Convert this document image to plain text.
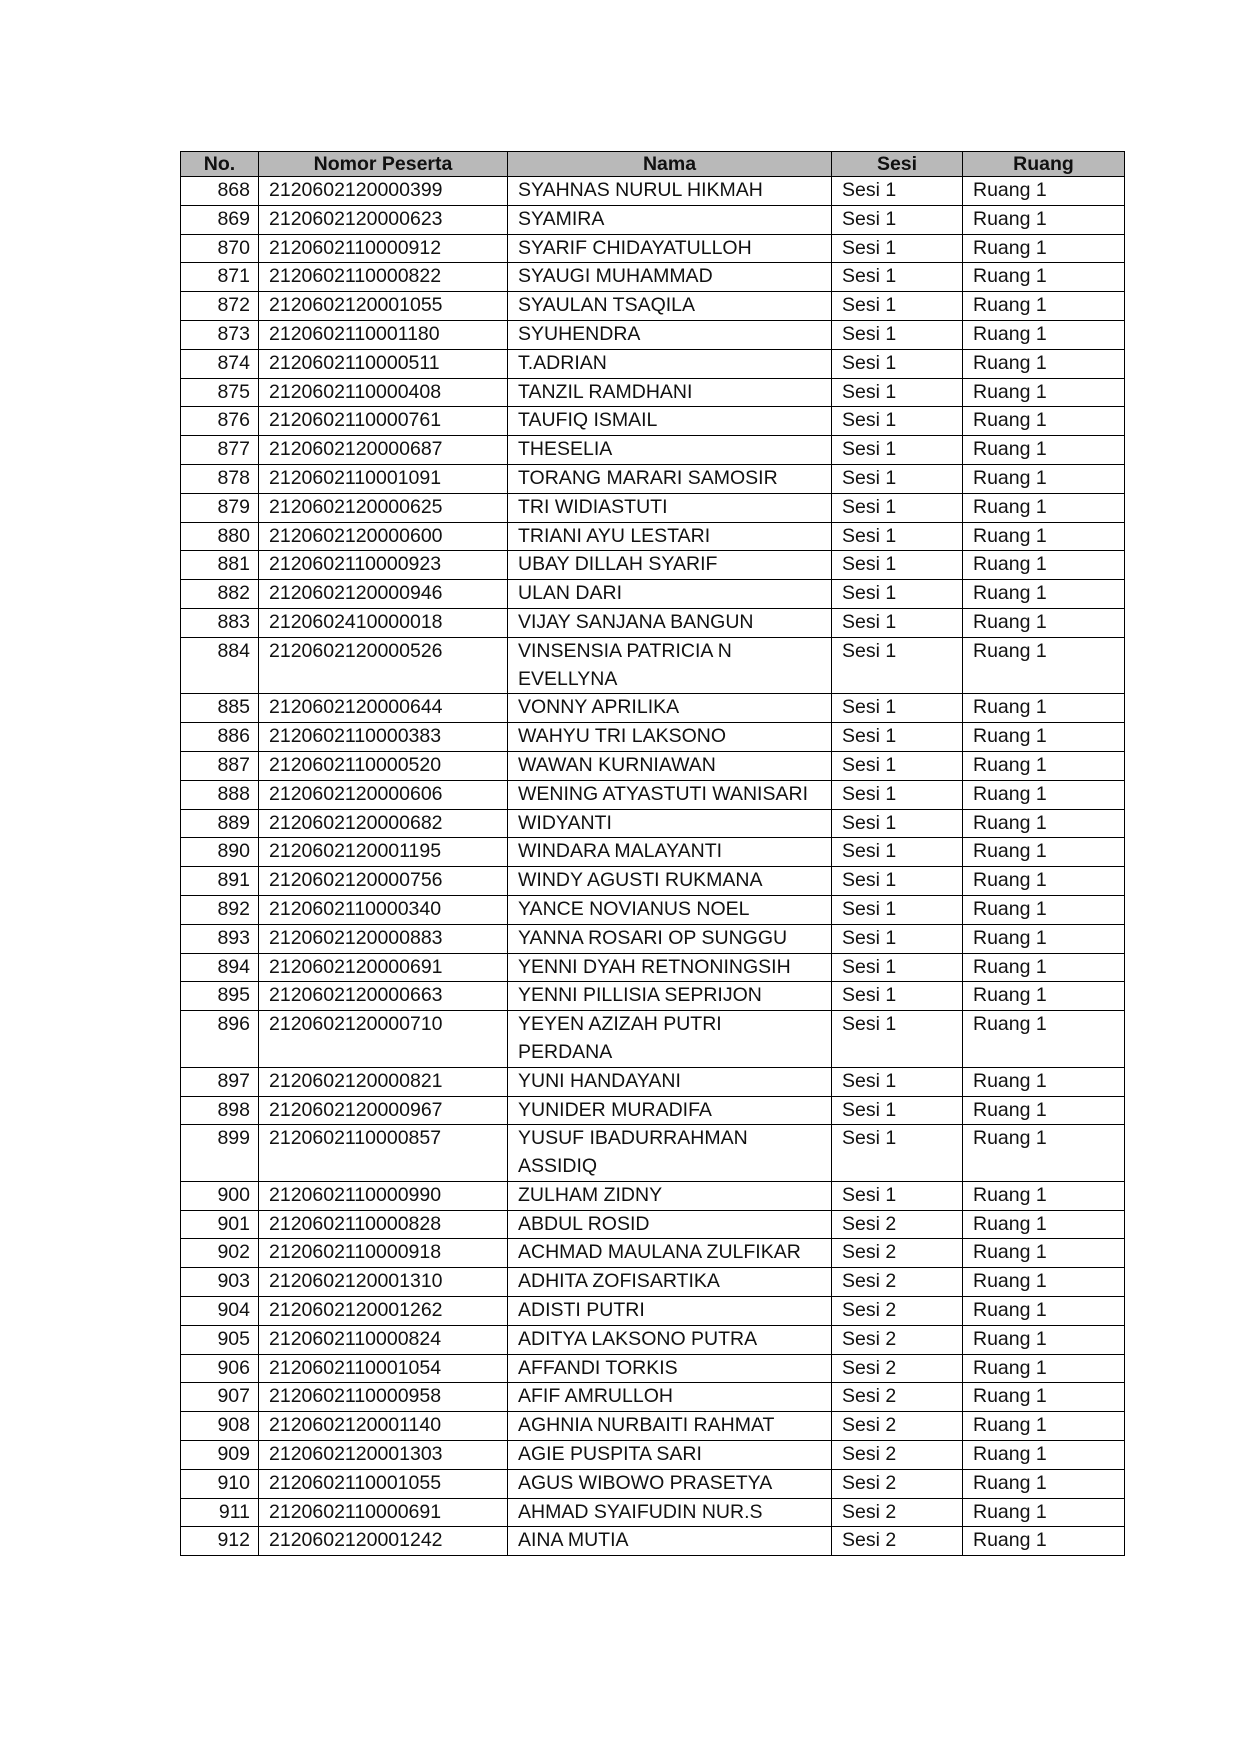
No.	Nomor Peserta	Nama	Sesi	Ruang
868	2120602120000399	SYAHNAS NURUL HIKMAH	Sesi 1	Ruang 1
869	2120602120000623	SYAMIRA	Sesi 1	Ruang 1
870	2120602110000912	SYARIF CHIDAYATULLOH	Sesi 1	Ruang 1
871	2120602110000822	SYAUGI MUHAMMAD	Sesi 1	Ruang 1
872	2120602120001055	SYAULAN TSAQILA	Sesi 1	Ruang 1
873	2120602110001180	SYUHENDRA	Sesi 1	Ruang 1
874	2120602110000511	T.ADRIAN	Sesi 1	Ruang 1
875	2120602110000408	TANZIL RAMDHANI	Sesi 1	Ruang 1
876	2120602110000761	TAUFIQ ISMAIL	Sesi 1	Ruang 1
877	2120602120000687	THESELIA	Sesi 1	Ruang 1
878	2120602110001091	TORANG MARARI SAMOSIR	Sesi 1	Ruang 1
879	2120602120000625	TRI WIDIASTUTI	Sesi 1	Ruang 1
880	2120602120000600	TRIANI AYU LESTARI	Sesi 1	Ruang 1
881	2120602110000923	UBAY DILLAH SYARIF	Sesi 1	Ruang 1
882	2120602120000946	ULAN DARI	Sesi 1	Ruang 1
883	2120602410000018	VIJAY SANJANA BANGUN	Sesi 1	Ruang 1
884	2120602120000526	VINSENSIA PATRICIA N EVELLYNA	Sesi 1	Ruang 1
885	2120602120000644	VONNY APRILIKA	Sesi 1	Ruang 1
886	2120602110000383	WAHYU TRI LAKSONO	Sesi 1	Ruang 1
887	2120602110000520	WAWAN KURNIAWAN	Sesi 1	Ruang 1
888	2120602120000606	WENING ATYASTUTI WANISARI	Sesi 1	Ruang 1
889	2120602120000682	WIDYANTI	Sesi 1	Ruang 1
890	2120602120001195	WINDARA MALAYANTI	Sesi 1	Ruang 1
891	2120602120000756	WINDY AGUSTI RUKMANA	Sesi 1	Ruang 1
892	2120602110000340	YANCE NOVIANUS NOEL	Sesi 1	Ruang 1
893	2120602120000883	YANNA ROSARI OP SUNGGU	Sesi 1	Ruang 1
894	2120602120000691	YENNI DYAH RETNONINGSIH	Sesi 1	Ruang 1
895	2120602120000663	YENNI PILLISIA SEPRIJON	Sesi 1	Ruang 1
896	2120602120000710	YEYEN AZIZAH PUTRI PERDANA	Sesi 1	Ruang 1
897	2120602120000821	YUNI HANDAYANI	Sesi 1	Ruang 1
898	2120602120000967	YUNIDER MURADIFA	Sesi 1	Ruang 1
899	2120602110000857	YUSUF IBADURRAHMAN ASSIDIQ	Sesi 1	Ruang 1
900	2120602110000990	ZULHAM ZIDNY	Sesi 1	Ruang 1
901	2120602110000828	ABDUL ROSID	Sesi 2	Ruang 1
902	2120602110000918	ACHMAD MAULANA ZULFIKAR	Sesi 2	Ruang 1
903	2120602120001310	ADHITA ZOFISARTIKA	Sesi 2	Ruang 1
904	2120602120001262	ADISTI PUTRI	Sesi 2	Ruang 1
905	2120602110000824	ADITYA LAKSONO PUTRA	Sesi 2	Ruang 1
906	2120602110001054	AFFANDI TORKIS	Sesi 2	Ruang 1
907	2120602110000958	AFIF AMRULLOH	Sesi 2	Ruang 1
908	2120602120001140	AGHNIA NURBAITI RAHMAT	Sesi 2	Ruang 1
909	2120602120001303	AGIE PUSPITA SARI	Sesi 2	Ruang 1
910	2120602110001055	AGUS WIBOWO PRASETYA	Sesi 2	Ruang 1
911	2120602110000691	AHMAD SYAIFUDIN NUR.S	Sesi 2	Ruang 1
912	2120602120001242	AINA MUTIA	Sesi 2	Ruang 1
